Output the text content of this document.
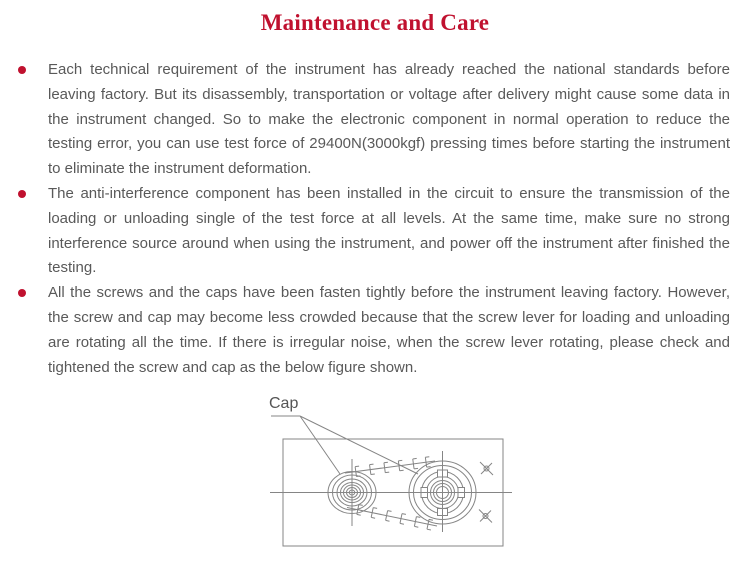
Maintenance and Care
Each technical requirement of the instrument has already reached the national standards before leaving factory. But its disassembly, transportation or voltage after delivery might cause some data in the instrument changed. So to make the electronic component in normal operation to reduce the testing error, you can use test force of 29400N(3000kgf) pressing times before starting the instrument to eliminate the instrument deformation.
The anti-interference component has been installed in the circuit to ensure the transmission of the loading or unloading single of the test force at all levels. At the same time, make sure no strong interference source around when using the instrument, and power off the instrument after finished the testing.
All the screws and the caps have been fasten tightly before the instrument leaving factory. However, the screw and cap may become less crowded because that the screw lever for loading and unloading are rotating all the time. If there is irregular noise, when the screw lever rotating, please check and tightened the screw and cap as the below figure shown.
Cap
